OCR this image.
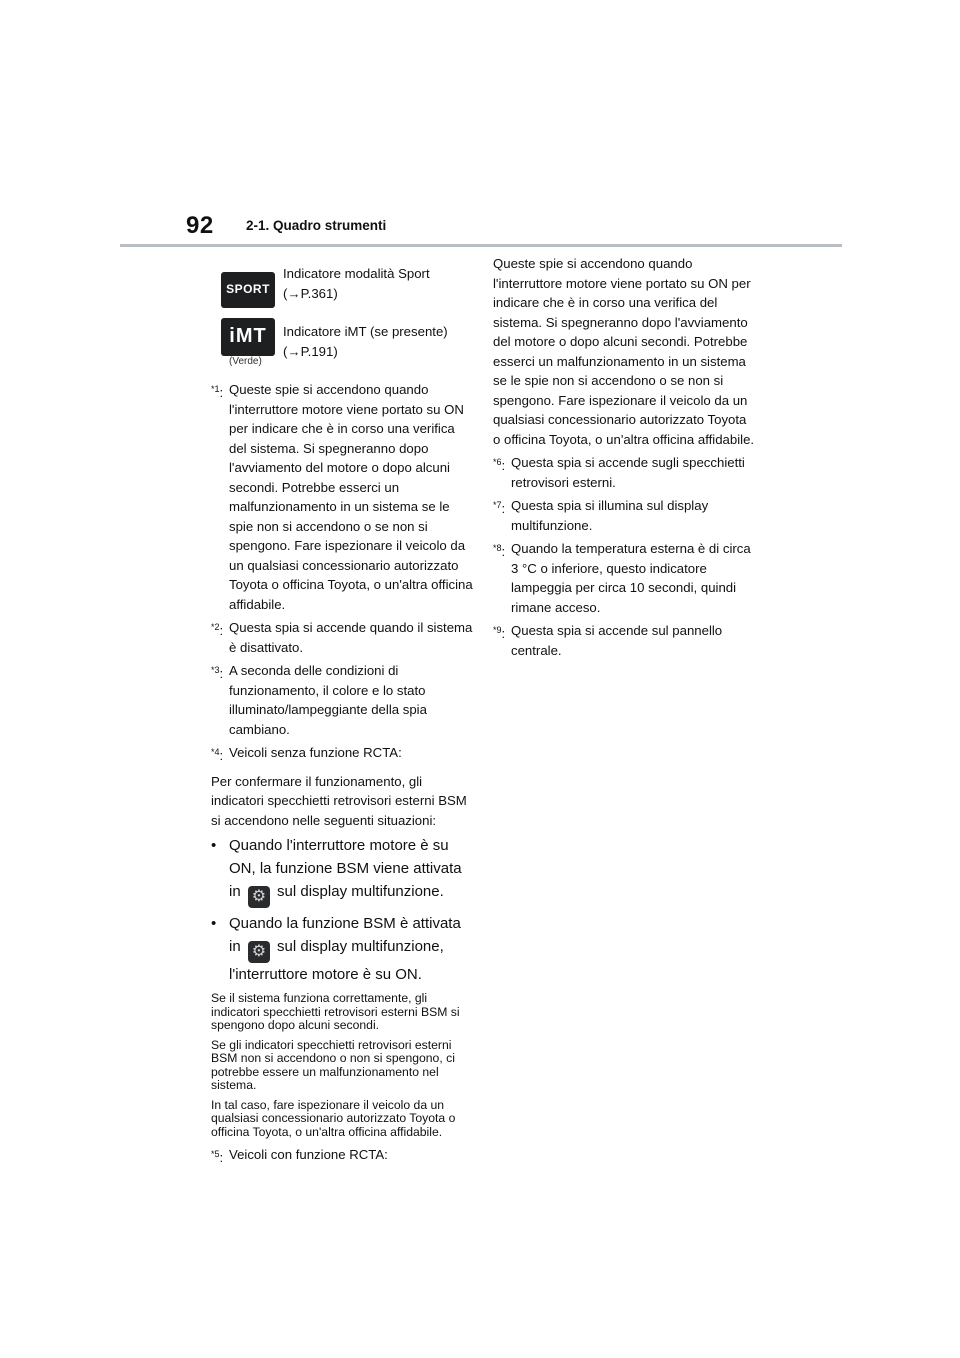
92 2-1. Quadro strumenti
SPORT
Indicatore modalità Sport
(→P.361)
iMT
(Verde)
Indicatore iMT (se presente)
(→P.191)
$^{*1}$: Queste spie si accendono quando l'interruttore motore viene portato su ON per indicare che è in corso una verifica del sistema. Si spegneranno dopo l'avviamento del motore o dopo alcuni secondi. Potrebbe esserci un malfunzionamento in un sistema se le spie non si accendono o se non si spengono. Fare ispezionare il veicolo da un qualsiasi concessionario autorizzato Toyota o officina Toyota, o un'altra officina affidabile.
$^{*2}$: Questa spia si accende quando il sistema è disattivato.
$^{*3}$: A seconda delle condizioni di funzionamento, il colore e lo stato illuminato/lampeggiante della spia cambiano.
$^{*4}$: Veicoli senza funzione RCTA:
Per confermare il funzionamento, gli indicatori specchietti retrovisori esterni BSM si accendono nelle seguenti situazioni:
• Quando l'interruttore motore è su ON, la funzione BSM viene attivata in ⚙ sul display multifunzione.
• Quando la funzione BSM è attivata in ⚙ sul display multifunzione, l'interruttore motore è su ON.
Se il sistema funziona correttamente, gli indicatori specchietti retrovisori esterni BSM si spengono dopo alcuni secondi.
Se gli indicatori specchietti retrovisori esterni BSM non si accendono o non si spengono, ci potrebbe essere un malfunzionamento nel sistema.
In tal caso, fare ispezionare il veicolo da un qualsiasi concessionario autorizzato Toyota o officina Toyota, o un'altra officina affidabile.
$^{*5}$: Veicoli con funzione RCTA:
Queste spie si accendono quando l'interruttore motore viene portato su ON per indicare che è in corso una verifica del sistema. Si spegneranno dopo l'avviamento del motore o dopo alcuni secondi. Potrebbe esserci un malfunzionamento in un sistema se le spie non si accendono o se non si spengono. Fare ispezionare il veicolo da un qualsiasi concessionario autorizzato Toyota o officina Toyota, o un'altra officina affidabile.
$^{*6}$: Questa spia si accende sugli specchietti retrovisori esterni.
$^{*7}$: Questa spia si illumina sul display multifunzione.
$^{*8}$: Quando la temperatura esterna è di circa 3 °C o inferiore, questo indicatore lampeggia per circa 10 secondi, quindi rimane acceso.
$^{*9}$: Questa spia si accende sul pannello centrale.
